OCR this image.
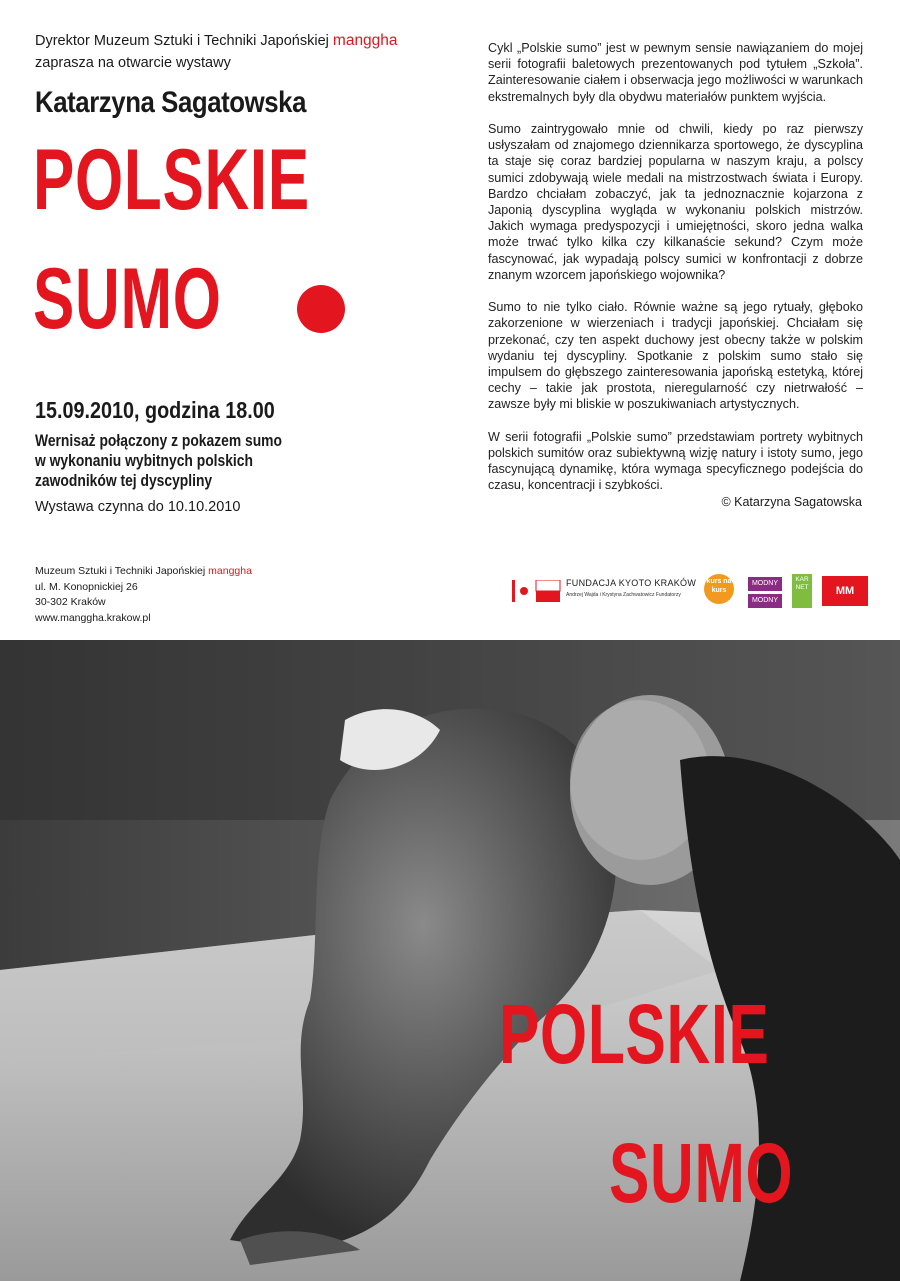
Dyrektor Muzeum Sztuki i Techniki Japońskiej manggha
zaprasza na otwarcie wystawy
Katarzyna Sagatowska
POLSKIE
SUMO
15.09.2010, godzina 18.00
Wernisaż połączony z pokazem sumo
w wykonaniu wybitnych polskich
zawodników tej dyscypliny
Wystawa czynna do 10.10.2010
Muzeum Sztuki i Techniki Japońskiej manggha
ul. M. Konopnickiej 26
30-302 Kraków
www.manggha.krakow.pl

Cykl „Polskie sumo” jest w pewnym sensie nawiązaniem do mojej serii fotografii baletowych prezentowanych pod tytułem „Szkoła”. Zainteresowanie ciałem i obserwacja jego możliwości w warunkach ekstremalnych były dla obydwu materiałów punktem wyjścia.

Sumo zaintrygowało mnie od chwili, kiedy po raz pierwszy usłyszałam od znajomego dziennikarza sportowego, że dyscyplina ta staje się coraz bardziej popularna w naszym kraju, a polscy sumici zdobywają wiele medali na mistrzostwach świata i Europy. Bardzo chciałam zobaczyć, jak ta jednoznacznie kojarzona z Japonią dyscyplina wygląda w wykonaniu polskich mistrzów. Jakich wymaga predyspozycji i umiejętności, skoro jedna walka może trwać tylko kilka czy kilkanaście sekund? Czym może fascynować, jak wypadają polscy sumici w konfrontacji z dobrze znanym wzorcem japońskiego wojownika?

Sumo to nie tylko ciało. Równie ważne są jego rytuały, głęboko zakorzenione w wierzeniach i tradycji japońskiej. Chciałam się przekonać, czy ten aspekt duchowy jest obecny także w polskim wydaniu tej dyscypliny. Spotkanie z polskim sumo stało się impulsem do głębszego zainteresowania japońską estetyką, której cechy – takie jak prostota, nieregularność czy nietrwałość – zawsze były mi bliskie w poszukiwaniach artystycznych.

W serii fotografii „Polskie sumo” przedstawiam portrety wybitnych polskich sumitów oraz subiektywną wizję natury i istoty sumo, jego fascynującą dynamikę, która wymaga specyficznego podejścia do czasu, koncentracji i szybkości.

© Katarzyna Sagatowska
FUNDACJA KYOTO KRAKÓW
Andrzej Wajda i Krystyna Zachwatowicz Fundatorzy
kurs na kurs
MODNY
MODNY
KAR NET	MM
POLSKIE
SUMO
